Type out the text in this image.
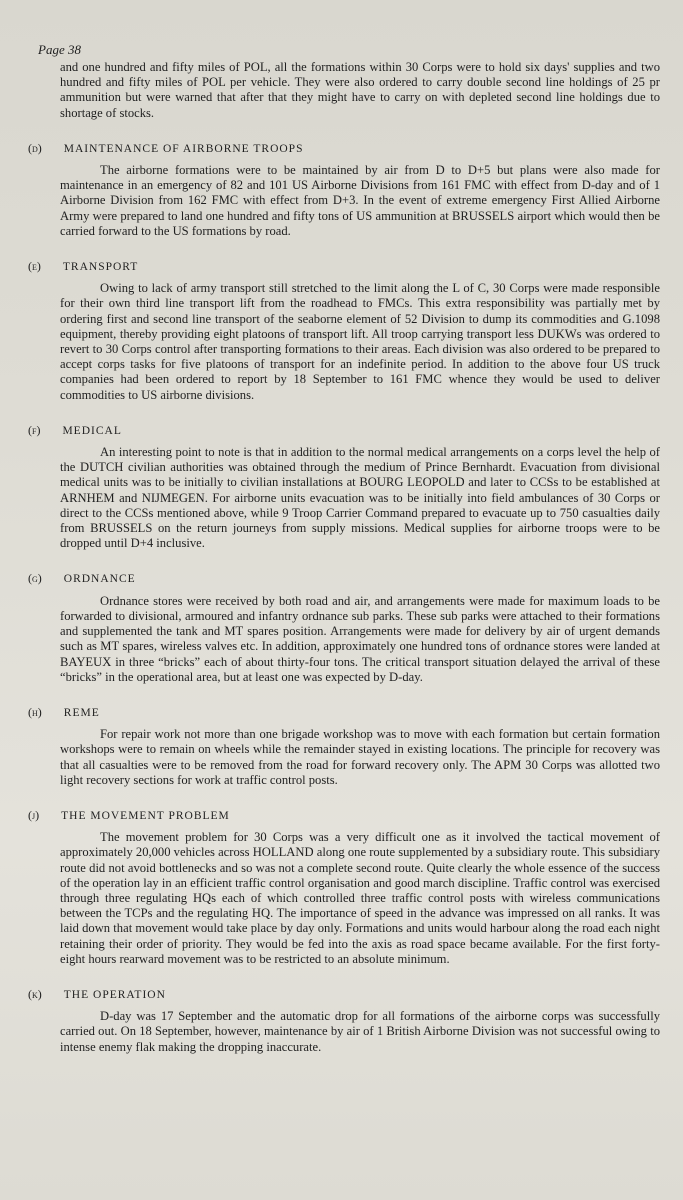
Page 38

and one hundred and fifty miles of POL, all the formations within 30 Corps were to hold six days' supplies and two hundred and fifty miles of POL per vehicle. They were also ordered to carry double second line holdings of 25 pr ammunition but were warned that after that they might have to carry on with depleted second line holdings due to shortage of stocks.

(d) MAINTENANCE OF AIRBORNE TROOPS

The airborne formations were to be maintained by air from D to D+5 but plans were also made for maintenance in an emergency of 82 and 101 US Airborne Divisions from 161 FMC with effect from D-day and of 1 Airborne Division from 162 FMC with effect from D+3. In the event of extreme emergency First Allied Airborne Army were prepared to land one hundred and fifty tons of US ammunition at BRUSSELS airport which would then be carried forward to the US formations by road.

(e) TRANSPORT

Owing to lack of army transport still stretched to the limit along the L of C, 30 Corps were made responsible for their own third line transport lift from the roadhead to FMCs. This extra responsibility was partially met by ordering first and second line transport of the seaborne element of 52 Division to dump its commodities and G.1098 equipment, thereby providing eight platoons of transport lift. All troop carrying transport less DUKWs was ordered to revert to 30 Corps control after transporting formations to their areas. Each division was also ordered to be prepared to accept corps tasks for five platoons of transport for an indefinite period. In addition to the above four US truck companies had been ordered to report by 18 September to 161 FMC whence they would be used to deliver commodities to US airborne divisions.

(f) MEDICAL

An interesting point to note is that in addition to the normal medical arrangements on a corps level the help of the DUTCH civilian authorities was obtained through the medium of Prince Bernhardt. Evacuation from divisional medical units was to be initially to civilian installations at BOURG LEOPOLD and later to CCSs to be established at ARNHEM and NIJMEGEN. For airborne units evacuation was to be initially into field ambulances of 30 Corps or direct to the CCSs mentioned above, while 9 Troop Carrier Command prepared to evacuate up to 750 casualties daily from BRUSSELS on the return journeys from supply missions. Medical supplies for airborne troops were to be dropped until D+4 inclusive.

(g) ORDNANCE

Ordnance stores were received by both road and air, and arrangements were made for maximum loads to be forwarded to divisional, armoured and infantry ordnance sub parks. These sub parks were attached to their formations and supplemented the tank and MT spares position. Arrangements were made for delivery by air of urgent demands such as MT spares, wireless valves etc. In addition, approximately one hundred tons of ordnance stores were landed at BAYEUX in three “bricks” each of about thirty-four tons. The critical transport situation delayed the arrival of these “bricks” in the operational area, but at least one was expected by D-day.

(h) REME

For repair work not more than one brigade workshop was to move with each formation but certain formation workshops were to remain on wheels while the remainder stayed in existing locations. The principle for recovery was that all casualties were to be removed from the road for forward recovery only. The APM 30 Corps was allotted two light recovery sections for work at traffic control posts.

(j) THE MOVEMENT PROBLEM

The movement problem for 30 Corps was a very difficult one as it involved the tactical movement of approximately 20,000 vehicles across HOLLAND along one route supplemented by a subsidiary route. This subsidiary route did not avoid bottlenecks and so was not a complete second route. Quite clearly the whole essence of the success of the operation lay in an efficient traffic control organisation and good march discipline. Traffic control was exercised through three regulating HQs each of which controlled three traffic control posts with wireless communications between the TCPs and the regulating HQ. The importance of speed in the advance was impressed on all ranks. It was laid down that movement would take place by day only. Formations and units would harbour along the road each night retaining their order of priority. They would be fed into the axis as road space became available. For the first forty-eight hours rearward movement was to be restricted to an absolute minimum.

(k) THE OPERATION

D-day was 17 September and the automatic drop for all formations of the airborne corps was successfully carried out. On 18 September, however, maintenance by air of 1 British Airborne Division was not successful owing to intense enemy flak making the dropping inaccurate.
